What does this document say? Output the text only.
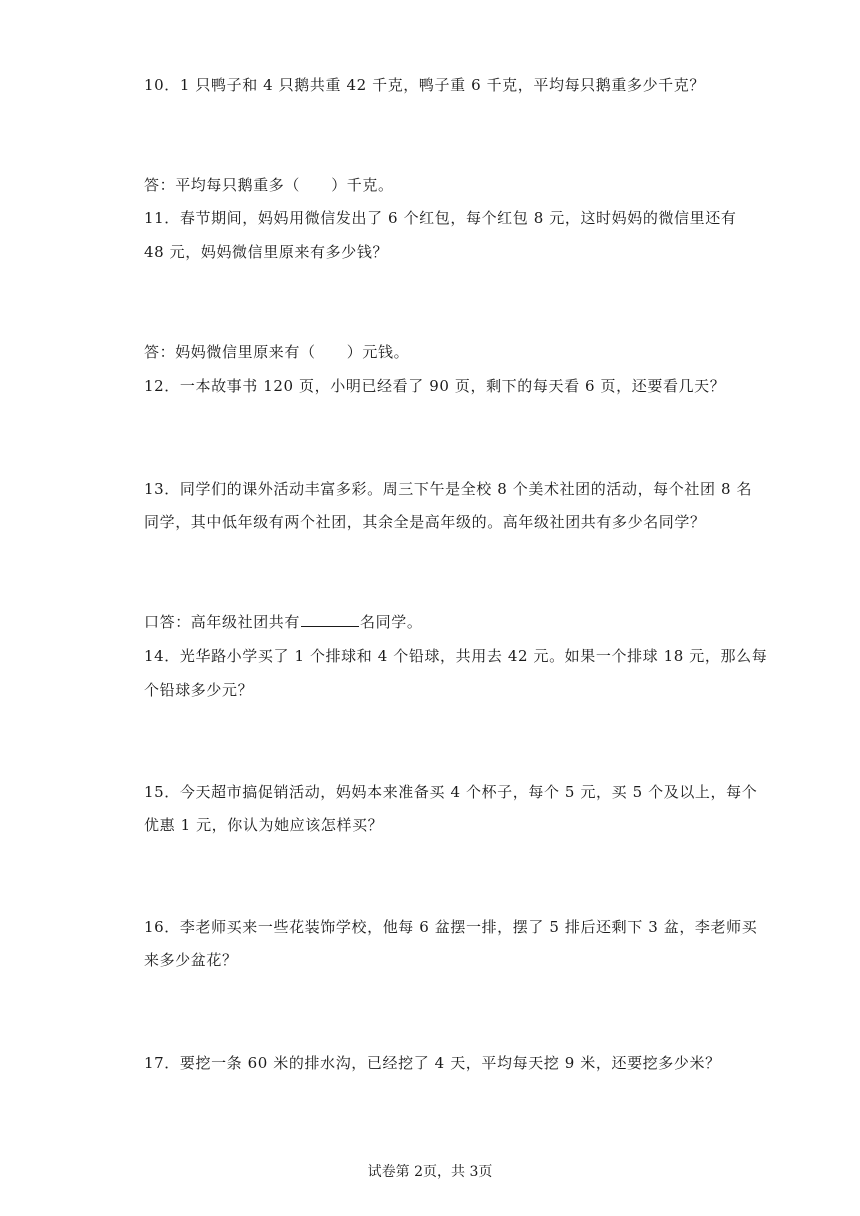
10．1 只鸭子和 4 只鹅共重 42 千克，鸭子重 6 千克，平均每只鹅重多少千克？
答：平均每只鹅重多（　　）千克。
11．春节期间，妈妈用微信发出了 6 个红包，每个红包 8 元，这时妈妈的微信里还有
48 元，妈妈微信里原来有多少钱？
答：妈妈微信里原来有（　　）元钱。
12．一本故事书 120 页，小明已经看了 90 页，剩下的每天看 6 页，还要看几天？
13．同学们的课外活动丰富多彩。周三下午是全校 8 个美术社团的活动，每个社团 8 名
同学，其中低年级有两个社团，其余全是高年级的。高年级社团共有多少名同学？
口答：高年级社团共有	名同学。
14．光华路小学买了 1 个排球和 4 个铅球，共用去 42 元。如果一个排球 18 元，那么每
个铅球多少元？
15．今天超市搞促销活动，妈妈本来准备买 4 个杯子，每个 5 元，买 5 个及以上，每个
优惠 1 元，你认为她应该怎样买？
16．李老师买来一些花装饰学校，他每 6 盆摆一排，摆了 5 排后还剩下 3 盆，李老师买
来多少盆花？
17．要挖一条 60 米的排水沟，已经挖了 4 天，平均每天挖 9 米，还要挖多少米？
试卷第 2页，共 3页
